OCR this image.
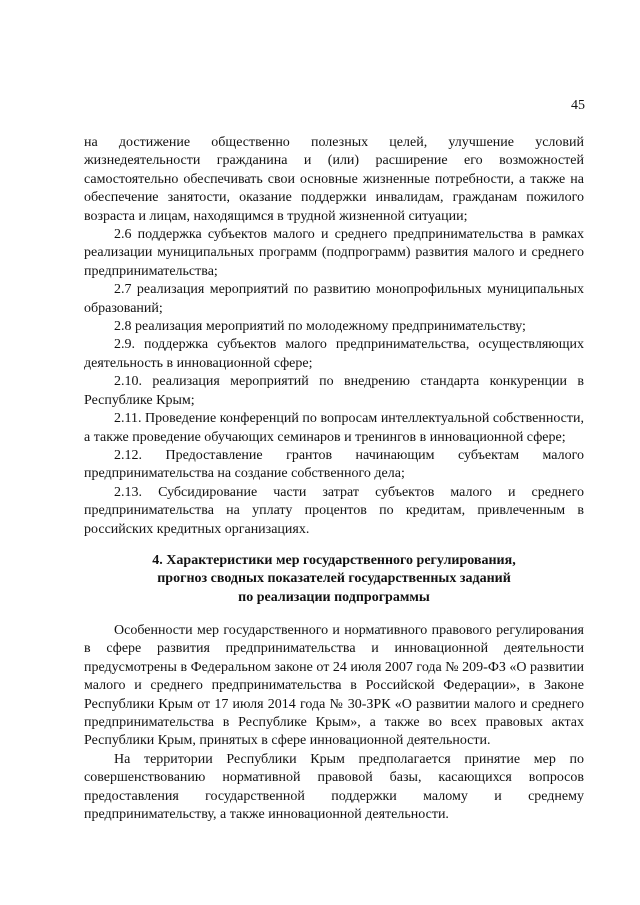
45

на достижение общественно полезных целей, улучшение условий жизнедеятельности гражданина и (или) расширение его возможностей самостоятельно обеспечивать свои основные жизненные потребности, а также на обеспечение занятости, оказание поддержки инвалидам, гражданам пожилого возраста и лицам, находящимся в трудной жизненной ситуации;

2.6 поддержка субъектов малого и среднего предпринимательства в рамках реализации муниципальных программ (подпрограмм) развития малого и среднего предпринимательства;

2.7 реализация мероприятий по развитию монопрофильных муниципальных образований;

2.8 реализация мероприятий по молодежному предпринимательству;

2.9. поддержка субъектов малого предпринимательства, осуществляющих деятельность в инновационной сфере;

2.10. реализация мероприятий по внедрению стандарта конкуренции в Республике Крым;

2.11. Проведение конференций по вопросам интеллектуальной собственности, а также проведение обучающих семинаров и тренингов в инновационной сфере;

2.12. Предоставление грантов начинающим субъектам малого предпринимательства на создание собственного дела;

2.13. Субсидирование части затрат субъектов малого и среднего предпринимательства на уплату процентов по кредитам, привлеченным в российских кредитных организациях.

4. Характеристики мер государственного регулирования,
прогноз сводных показателей государственных заданий
по реализации подпрограммы

Особенности мер государственного и нормативного правового регулирования в сфере развития предпринимательства и инновационной деятельности предусмотрены в Федеральном законе от 24 июля 2007 года № 209-ФЗ «О развитии малого и среднего предпринимательства в Российской Федерации», в Законе Республики Крым от 17 июля 2014 года № 30-ЗРК «О развитии малого и среднего предпринимательства в Республике Крым», а также во всех правовых актах Республики Крым, принятых в сфере инновационной деятельности.

На территории Республики Крым предполагается принятие мер по совершенствованию нормативной правовой базы, касающихся вопросов предоставления государственной поддержки малому и среднему предпринимательству, а также инновационной деятельности.
